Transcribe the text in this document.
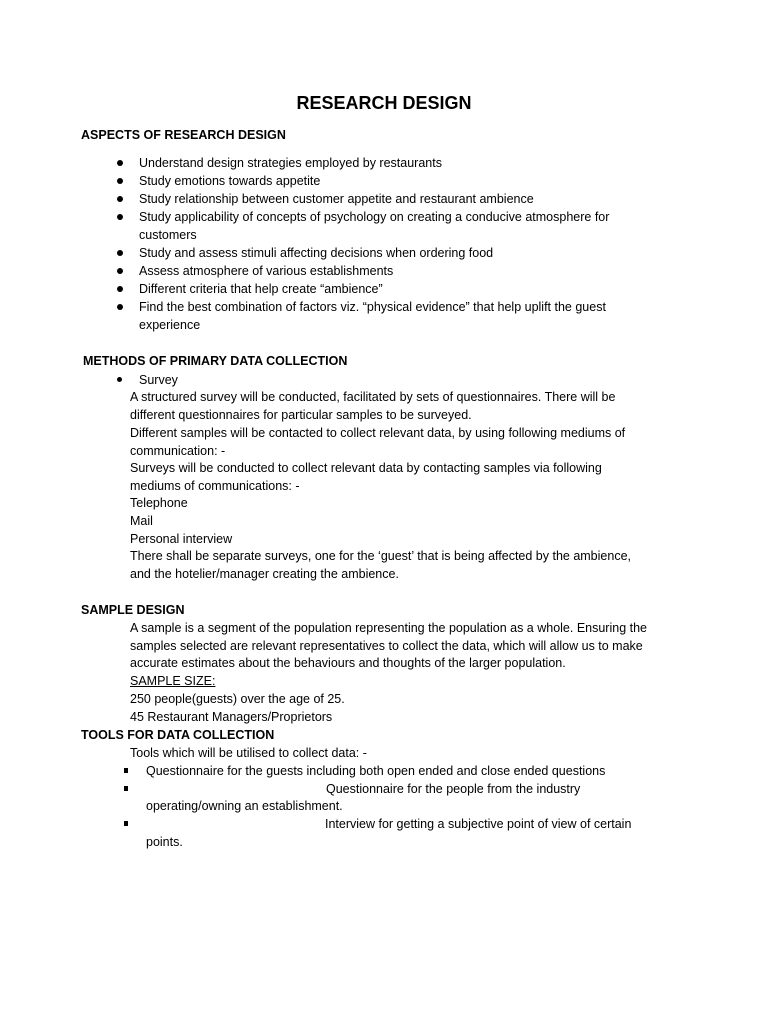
RESEARCH DESIGN
ASPECTS OF RESEARCH DESIGN
Understand design strategies employed by restaurants
Study emotions towards appetite
Study relationship between customer appetite and restaurant ambience
Study applicability of concepts of psychology on creating a conducive atmosphere for
customers
Study and assess stimuli affecting decisions when ordering food
Assess atmosphere of various establishments
Different criteria that help create “ambience”
Find the best combination of factors viz. “physical evidence” that help uplift the guest
experience
METHODS OF PRIMARY DATA COLLECTION
Survey
A structured survey will be conducted, facilitated by sets of questionnaires. There will be
different questionnaires for particular samples to be surveyed.
Different samples will be contacted to collect relevant data, by using following mediums of
communication: -
Surveys will be conducted to collect relevant data by contacting samples via following
mediums of communications: -
Telephone
Mail
Personal interview
There shall be separate surveys, one for the ‘guest’ that is being affected by the ambience,
and the hotelier/manager creating the ambience.
SAMPLE DESIGN
A sample is a segment of the population representing the population as a whole. Ensuring the
samples selected are relevant representatives to collect the data, which will allow us to make
accurate estimates about the behaviours and thoughts of the larger population.
SAMPLE SIZE:
250 people(guests) over the age of 25.
45 Restaurant Managers/Proprietors
TOOLS FOR DATA COLLECTION
Tools which will be utilised to collect data: -
Questionnaire for the guests including both open ended and close ended questions
Questionnaire for the people from the industry
operating/owning an establishment.
Interview for getting a subjective point of view of certain
points.
